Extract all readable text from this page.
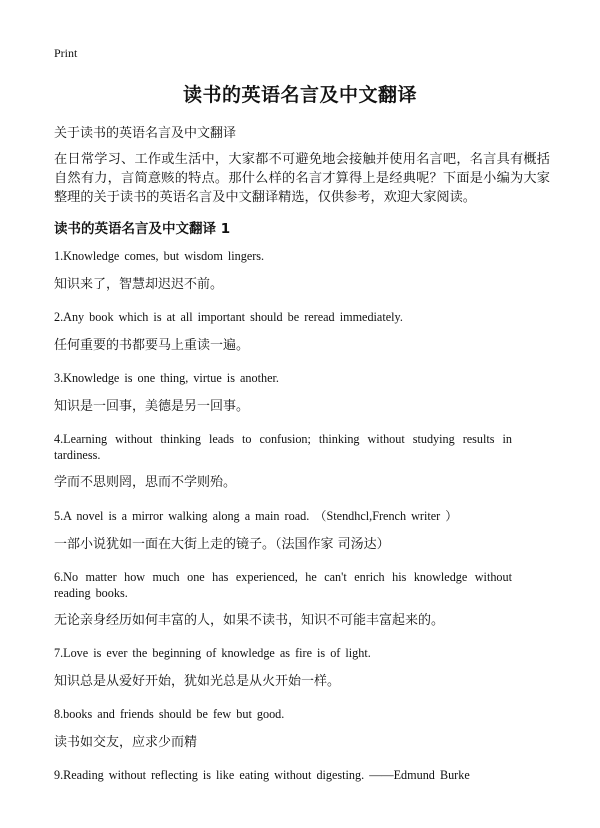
Print
读书的英语名言及中文翻译
关于读书的英语名言及中文翻译
在日常学习、工作或生活中，大家都不可避免地会接触并使用名言吧，名言具有概括自然有力，言简意赅的特点。那什么样的名言才算得上是经典呢？下面是小编为大家整理的关于读书的英语名言及中文翻译精选，仅供参考，欢迎大家阅读。
读书的英语名言及中文翻译 1
1.Knowledge comes, but wisdom lingers.
知识来了，智慧却迟迟不前。
2.Any book which is at all important should be reread immediately.
任何重要的书都要马上重读一遍。
3.Knowledge is one thing, virtue is another.
知识是一回事，美德是另一回事。
4.Learning without thinking leads to confusion; thinking without studying results in tardiness.
学而不思则罔，思而不学则殆。
5.A novel is a mirror walking along a main road. （Stendhcl,French writer ）
一部小说犹如一面在大街上走的镜子。（法国作家 司汤达）
6.No matter how much one has experienced, he can't enrich his knowledge without reading books.
无论亲身经历如何丰富的人，如果不读书，知识不可能丰富起来的。
7.Love is ever the beginning of knowledge as fire is of light.
知识总是从爱好开始，犹如光总是从火开始一样。
8.books and friends should be few but good.
读书如交友，应求少而精
9.Reading without reflecting is like eating without digesting. ——Edmund Burke
